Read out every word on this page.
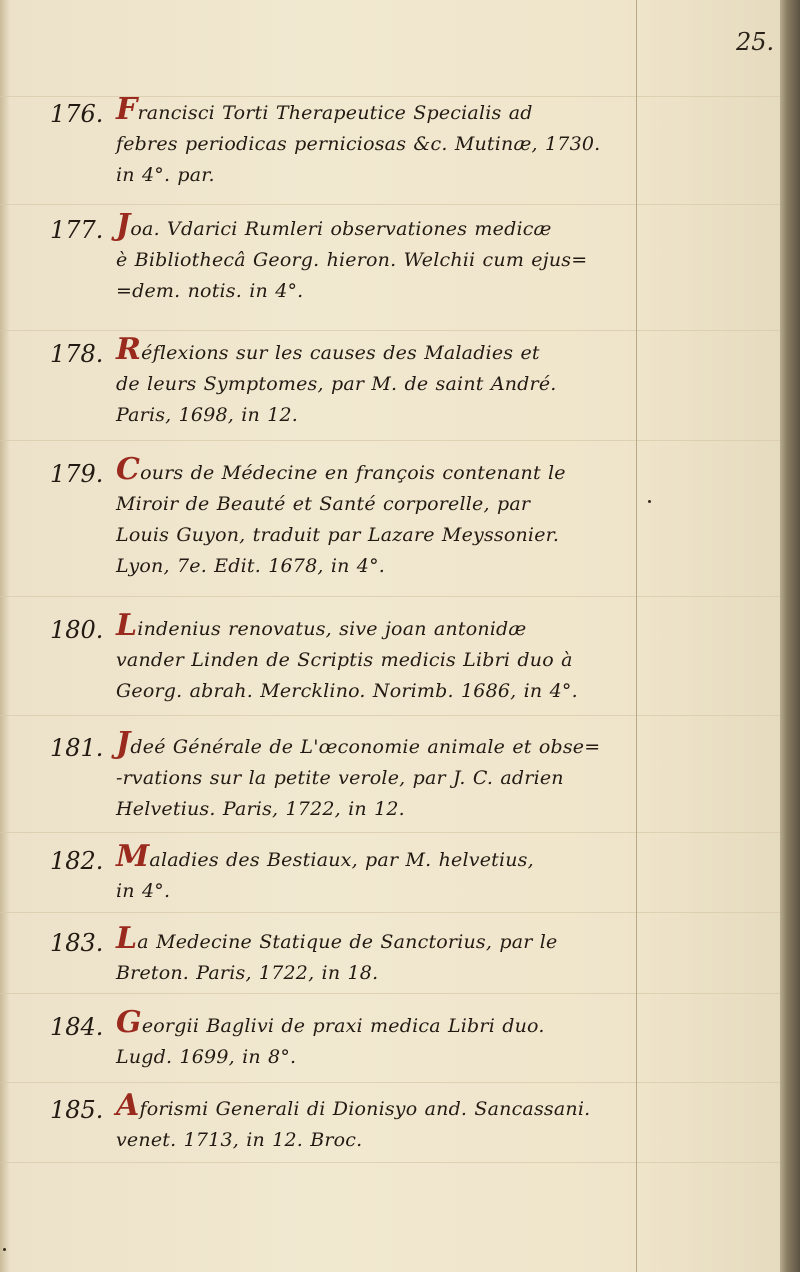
25.
176. Francisci Torti Therapeutice Specialis ad
febres periodicas perniciosas &c. Mutinæ, 1730.
in 4°. par.
177. Joa. Vdarici Rumleri observationes medicæ
è Bibliothecâ Georg. hieron. Welchii cum ejus=
=dem. notis. in 4°.
178. Réflexions sur les causes des Maladies et
de leurs Symptomes, par M. de saint André.
Paris, 1698, in 12.
179. Cours de Médecine en françois contenant le
Miroir de Beauté et Santé corporelle, par
Louis Guyon, traduit par Lazare Meyssonier.
Lyon, 7e. Edit. 1678, in 4°.
180. Lindenius renovatus, sive joan antonidæ
vander Linden de Scriptis medicis Libri duo à
Georg. abrah. Mercklino. Norimb. 1686, in 4°.
181. Jdeé Générale de L'œconomie animale et obse=
-rvations sur la petite verole, par J. C. adrien
Helvetius. Paris, 1722, in 12.
182. Maladies des Bestiaux, par M. helvetius,
in 4°.
183. La Medecine Statique de Sanctorius, par le
Breton. Paris, 1722, in 18.
184. Georgii Baglivi de praxi medica Libri duo.
Lugd. 1699, in 8°.
185. Aforismi Generali di Dionisyo and. Sancassani.
venet. 1713, in 12. Broc.
